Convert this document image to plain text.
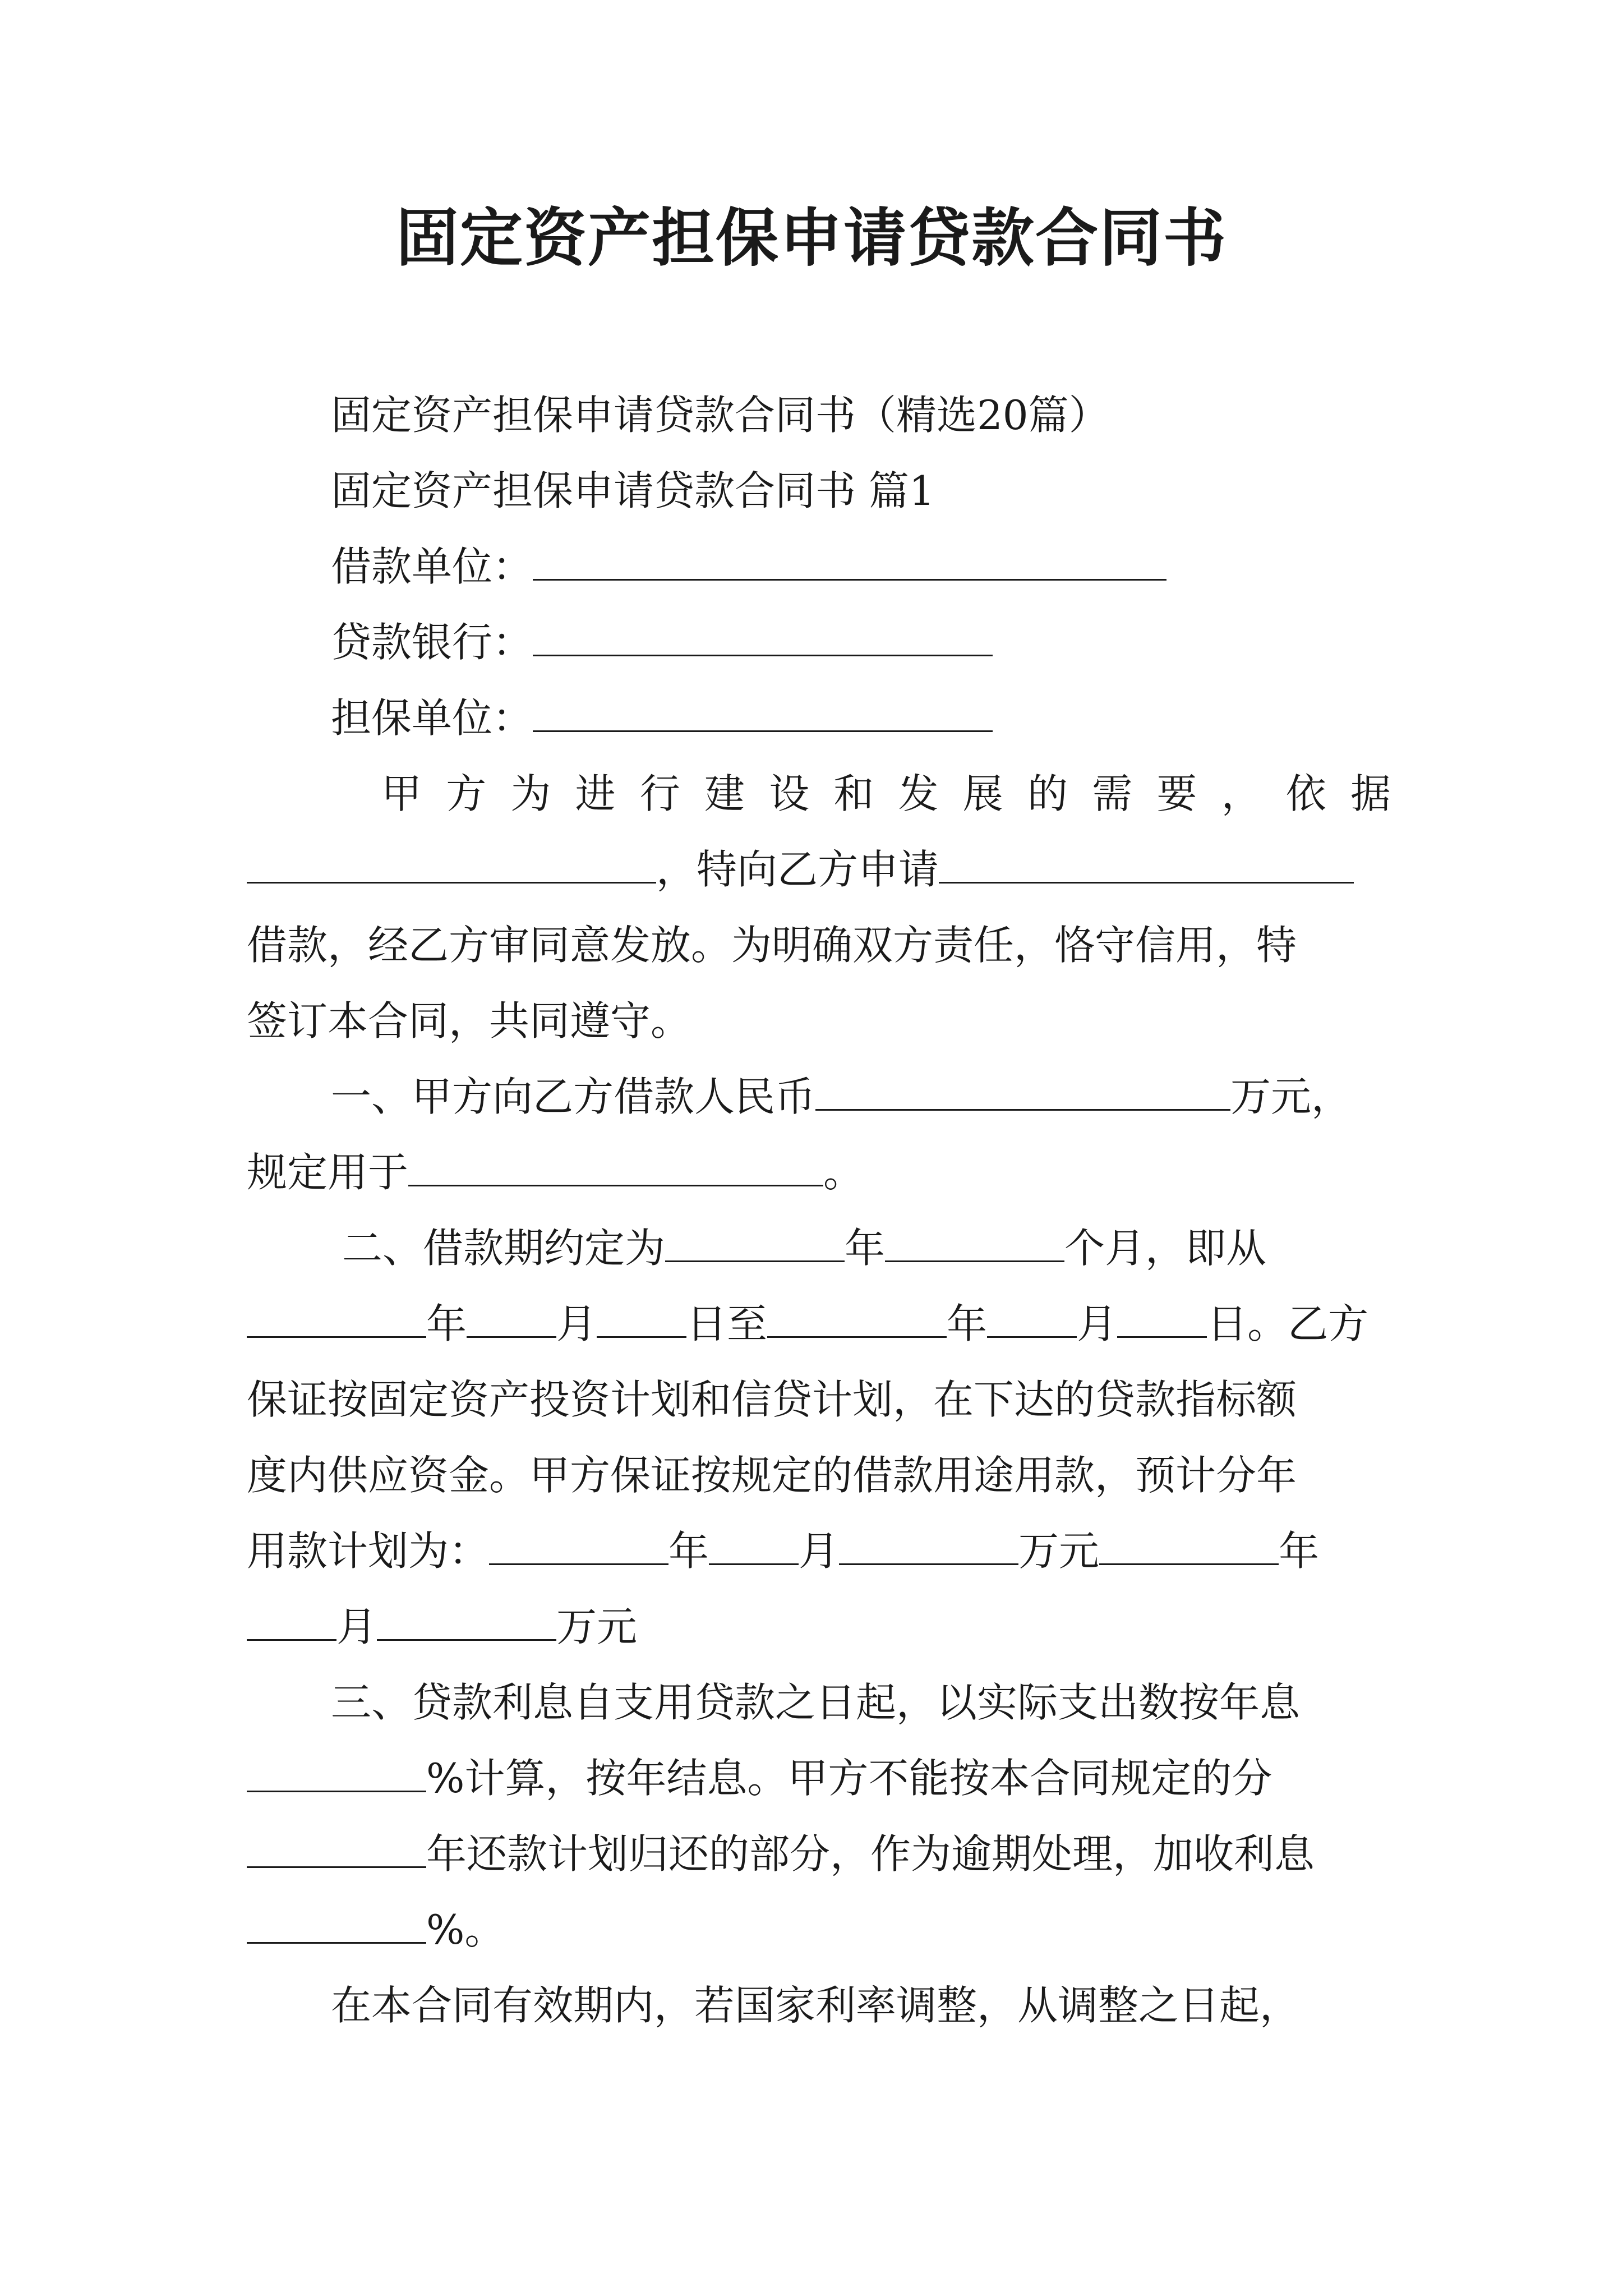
固定资产担保申请贷款合同书
固定资产担保申请贷款合同书（精选20篇）
固定资产担保申请贷款合同书 篇1
借款单位：
贷款银行：
担保单位：
甲方为进行建设和发展的需要，依据
，特向乙方申请
借款，经乙方审同意发放。为明确双方责任，恪守信用，特
签订本合同，共同遵守。
一、甲方向乙方借款人民币	万元，
规定用于	。
二、借款期约定为	年	个月，即从
年 月 日至	年 月 日。乙方
保证按固定资产投资计划和信贷计划，在下达的贷款指标额
度内供应资金。甲方保证按规定的借款用途用款，预计分年
用款计划为：	年 月	万元	年
月	万元
三、贷款利息自支用贷款之日起，以实际支出数按年息
%计算，按年结息。甲方不能按本合同规定的分
年还款计划归还的部分，作为逾期处理，加收利息
%。
在本合同有效期内，若国家利率调整，从调整之日起，
